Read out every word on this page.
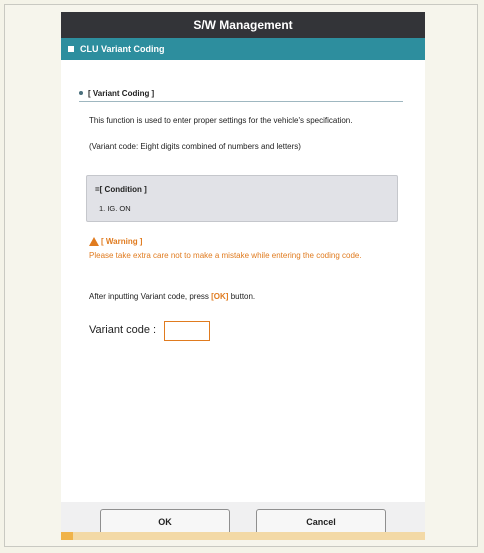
S/W Management
CLU Variant Coding
[ Variant Coding ]
This function is used to enter proper settings for the vehicle's specification.
(Variant code: Eight digits combined of numbers and letters)
=[ Condition ]
1. IG. ON
[ Warning ]
Please take extra care not to make a mistake while entering the coding code.
After inputting Variant code, press [OK] button.
Variant code :
OK	Cancel
